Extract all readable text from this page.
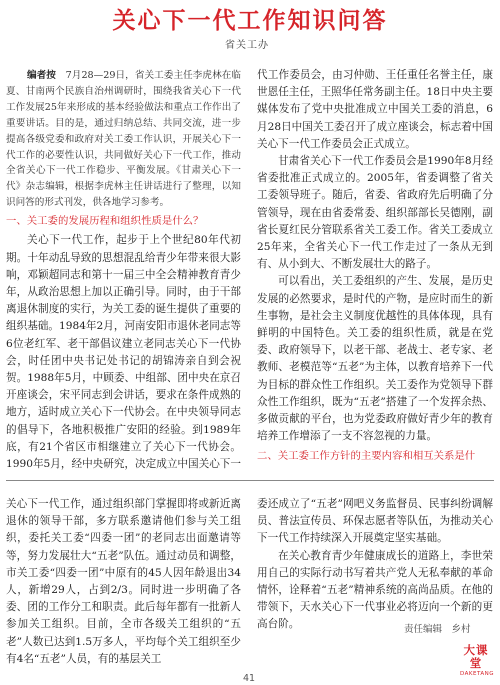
关心下一代工作知识问答
省关工办

编者按　7月28—29日，省关工委主任李虎林在临夏、甘南两个民族自治州调研时，围绕我省关心下一代工作发展25年来形成的基本经验做法和重点工作作出了重要讲话。目的是，通过归纳总结、共同交流，进一步提高各级党委和政府对关工委工作认识，开展关心下一代工作的必要性认识，共同做好关心下一代工作，推动全省关心下一代工作稳步、平衡发展。《甘肃关心下一代》杂志编辑，根据李虎林主任讲话进行了整理，以知识问答的形式刊发，供各地学习参考。

一、关工委的发展历程和组织性质是什么？

关心下一代工作，起步于上个世纪80年代初期。十年动乱导致的思想混乱给青少年带来很大影响，邓颖超同志和第十一届三中全会精神教育青少年，从政治思想上加以正确引导。同时，由于干部离退休制度的实行，为关工委的诞生提供了重要的组织基础。1984年2月，河南安阳市退休老同志等6位老红军、老干部倡议建立老同志关心下一代协会，时任团中央书记处书记的胡锦涛亲自到会祝贺。1988年5月，中顾委、中组部、团中央在京召开座谈会，宋平同志到会讲话，要求在条件成熟的地方，适时成立关心下一代协会。在中央领导同志的倡导下，各地积极推广安阳的经验。到1989年底，有21个省区市相继建立了关心下一代协会。1990年5月，经中央研究，决定成立中国关心下一

代工作委员会，由习仲勋、王任重任名誉主任，康世恩任主任，王照华任常务副主任。18日中央主要媒体发布了党中央批准成立中国关工委的消息，6月28日中国关工委召开了成立座谈会，标志着中国关心下一代工作委员会正式成立。

甘肃省关心下一代工作委员会是1990年8月经省委批准正式成立的。2005年，省委调整了省关工委领导班子。随后，省委、省政府先后明确了分管领导，现在由省委常委、组织部部长吴德刚，副省长夏红民分管联系省关工委工作。省关工委成立25年来，全省关心下一代工作走过了一条从无到有、从小到大、不断发展壮大的路子。

可以看出，关工委组织的产生、发展，是历史发展的必然要求，是时代的产物，是应时而生的新生事物，是社会主义制度优越性的具体体现，具有鲜明的中国特色。关工委的组织性质，就是在党委、政府领导下，以老干部、老战士、老专家、老教师、老模范等“五老”为主体，以教育培养下一代为目标的群众性工作组织。关工委作为党领导下群众性工作组织，既为“五老”搭建了一个发挥余热、多做贡献的平台，也为党委政府做好青少年的教育培养工作增添了一支不容忽视的力量。

二、关工委工作方针的主要内容和相互关系是什

关心下一代工作，通过组织部门掌握即将或新近离退休的领导干部，多方联系邀请他们参与关工组织，委托关工委“四委一团”的老同志出面邀请等等，努力发展壮大“五老”队伍。通过动员和调整，市关工委“四委一团”中原有的45人因年龄退出34人，新增29人，占到2/3。同时进一步明确了各委、团的工作分工和职责。此后每年都有一批新人参加关工组织。目前，全市各级关工组织的“五老”人数已达到1.5万多人，平均每个关工组织至少有4名“五老”人员，有的基层关工

委还成立了“五老”网吧义务监督员、民事纠纷调解员、普法宣传员、环保志愿者等队伍，为推动关心下一代工作持续深入开展奠定坚实基础。

在关心教育青少年健康成长的道路上，李世荣用自己的实际行动书写着共产党人无私奉献的革命情怀，诠释着“五老”精神系统的高尚品质。在他的带领下，天水关心下一代事业必将迈向一个新的更高台阶。	责任编辑　乡村
41
大课堂
DAKETANG
